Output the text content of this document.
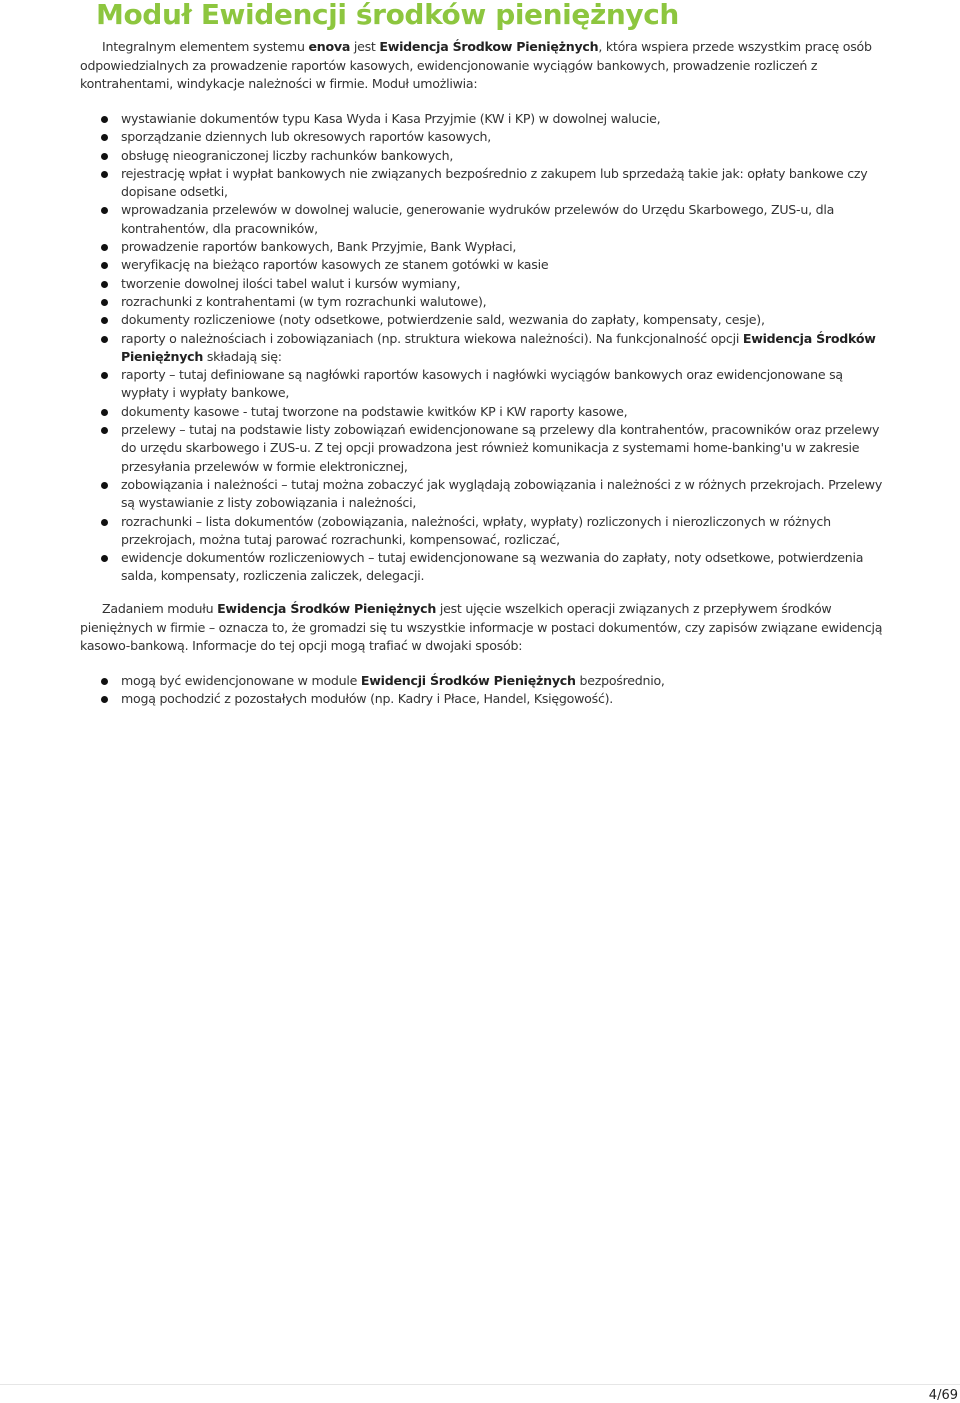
Moduł Ewidencji środków pieniężnych

Integralnym elementem systemu enova jest Ewidencja Środkow Pieniężnych, która wspiera przede wszystkim pracę osób odpowiedzialnych za prowadzenie raportów kasowych, ewidencjonowanie wyciągów bankowych, prowadzenie rozliczeń z kontrahentami, windykacje należności w firmie. Moduł umożliwia:

wystawianie dokumentów typu Kasa Wyda i Kasa Przyjmie (KW i KP) w dowolnej walucie,
sporządzanie dziennych lub okresowych raportów kasowych,
obsługę nieograniczonej liczby rachunków bankowych,
rejestrację wpłat i wypłat bankowych nie związanych bezpośrednio z zakupem lub sprzedażą takie jak: opłaty bankowe czy dopisane odsetki,
wprowadzania przelewów w dowolnej walucie, generowanie wydruków przelewów do Urzędu Skarbowego, ZUS-u, dla kontrahentów, dla pracowników,
prowadzenie raportów bankowych, Bank Przyjmie, Bank Wypłaci,
weryfikację na bieżąco raportów kasowych ze stanem gotówki w kasie
tworzenie dowolnej ilości tabel walut i kursów wymiany,
rozrachunki z kontrahentami (w tym rozrachunki walutowe),
dokumenty rozliczeniowe (noty odsetkowe, potwierdzenie sald, wezwania do zapłaty, kompensaty, cesje),
raporty o należnościach i zobowiązaniach (np. struktura wiekowa należności). Na funkcjonalność opcji Ewidencja Środków Pieniężnych składają się:
raporty – tutaj definiowane są nagłówki raportów kasowych i nagłówki wyciągów bankowych oraz ewidencjonowane są wypłaty i wypłaty bankowe,
dokumenty kasowe - tutaj tworzone na podstawie kwitków KP i KW raporty kasowe,
przelewy – tutaj na podstawie listy zobowiązań ewidencjonowane są przelewy dla kontrahentów, pracowników oraz przelewy do urzędu skarbowego i ZUS-u. Z tej opcji prowadzona jest również komunikacja z systemami home-banking'u w zakresie przesyłania przelewów w formie elektronicznej,
zobowiązania i należności – tutaj można zobaczyć jak wyglądają zobowiązania i należności z w różnych przekrojach. Przelewy są wystawianie z listy zobowiązania i należności,
rozrachunki – lista dokumentów (zobowiązania, należności, wpłaty, wypłaty) rozliczonych i nierozliczonych w różnych przekrojach, można tutaj parować rozrachunki, kompensować, rozliczać,
ewidencje dokumentów rozliczeniowych – tutaj ewidencjonowane są wezwania do zapłaty, noty odsetkowe, potwierdzenia salda, kompensaty, rozliczenia zaliczek, delegacji.

Zadaniem modułu Ewidencja Środków Pieniężnych jest ujęcie wszelkich operacji związanych z przepływem środków pieniężnych w firmie – oznacza to, że gromadzi się tu wszystkie informacje w postaci dokumentów, czy zapisów związane ewidencją kasowo-bankową. Informacje do tej opcji mogą trafiać w dwojaki sposób:

mogą być ewidencjonowane w module Ewidencji Środków Pieniężnych bezpośrednio,
mogą pochodzić z pozostałych modułów (np. Kadry i Płace, Handel, Księgowość).
4/69
